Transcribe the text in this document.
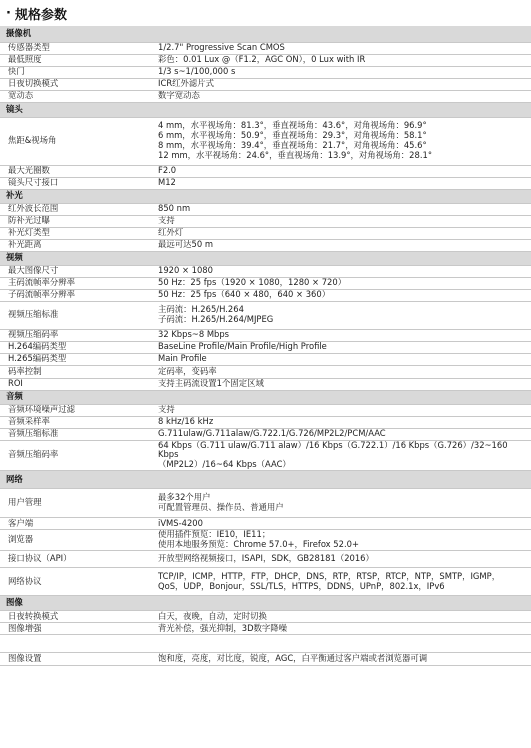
· 规格参数
摄像机	
传感器类型	1/2.7" Progressive Scan CMOS

最低照度	彩色：0.01 Lux @（F1.2，AGC ON），0 Lux with IR

快门	1/3 s~1/100,000 s

日夜切换模式	ICR红外滤片式

宽动态	数字宽动态

镜头	
焦距&视场角	4 mm，水平视场角：81.3°，垂直视场角：43.6°，对角视场角：96.9°
6 mm，水平视场角：50.9°，垂直视场角：29.3°，对角视场角：58.1°
8 mm，水平视场角：39.4°，垂直视场角：21.7°，对角视场角：45.6°
12 mm，水平视场角：24.6°，垂直视场角：13.9°，对角视场角：28.1°

最大光圈数	F2.0

镜头尺寸接口	M12

补光	
红外波长范围	850 nm

防补光过曝	支持

补光灯类型	红外灯

补光距离	最远可达50 m

视频	
最大图像尺寸	1920 × 1080

主码流帧率分辨率	50 Hz：25 fps（1920 × 1080，1280 × 720）

子码流帧率分辨率	50 Hz：25 fps（640 × 480，640 × 360）

视频压缩标准	主码流：H.265/H.264
子码流：H.265/H.264/MJPEG

视频压缩码率	32 Kbps~8 Mbps

H.264编码类型	BaseLine Profile/Main Profile/High Profile

H.265编码类型	Main Profile

码率控制	定码率，变码率

ROI	支持主码流设置1个固定区域

音频	
音频环境噪声过滤	支持

音频采样率	8 kHz/16 kHz

音频压缩标准	G.711ulaw/G.711alaw/G.722.1/G.726/MP2L2/PCM/AAC

音频压缩码率	64 Kbps（G.711 ulaw/G.711 alaw）/16 Kbps（G.722.1）/16 Kbps（G.726）/32~160 Kbps
（MP2L2）/16~64 Kbps（AAC）

网络	
用户管理	最多32个用户
可配置管理员、操作员、普通用户

客户端	iVMS-4200

浏览器	使用插件预览：IE10，IE11；
使用本地服务预览：Chrome 57.0+，Firefox 52.0+

接口协议（API）	开放型网络视频接口，ISAPI，SDK，GB28181（2016）

网络协议	TCP/IP，ICMP，HTTP，FTP，DHCP，DNS，RTP，RTSP，RTCP，NTP，SMTP，IGMP，
QoS，UDP，Bonjour，SSL/TLS，HTTPS，DDNS，UPnP，802.1x，IPv6

图像	
日夜转换模式	白天，夜晚，自动，定时切换

图像增强	背光补偿，强光抑制，3D数字降噪

图像设置	饱和度，亮度，对比度，锐度，AGC，白平衡通过客户端或者浏览器可调
